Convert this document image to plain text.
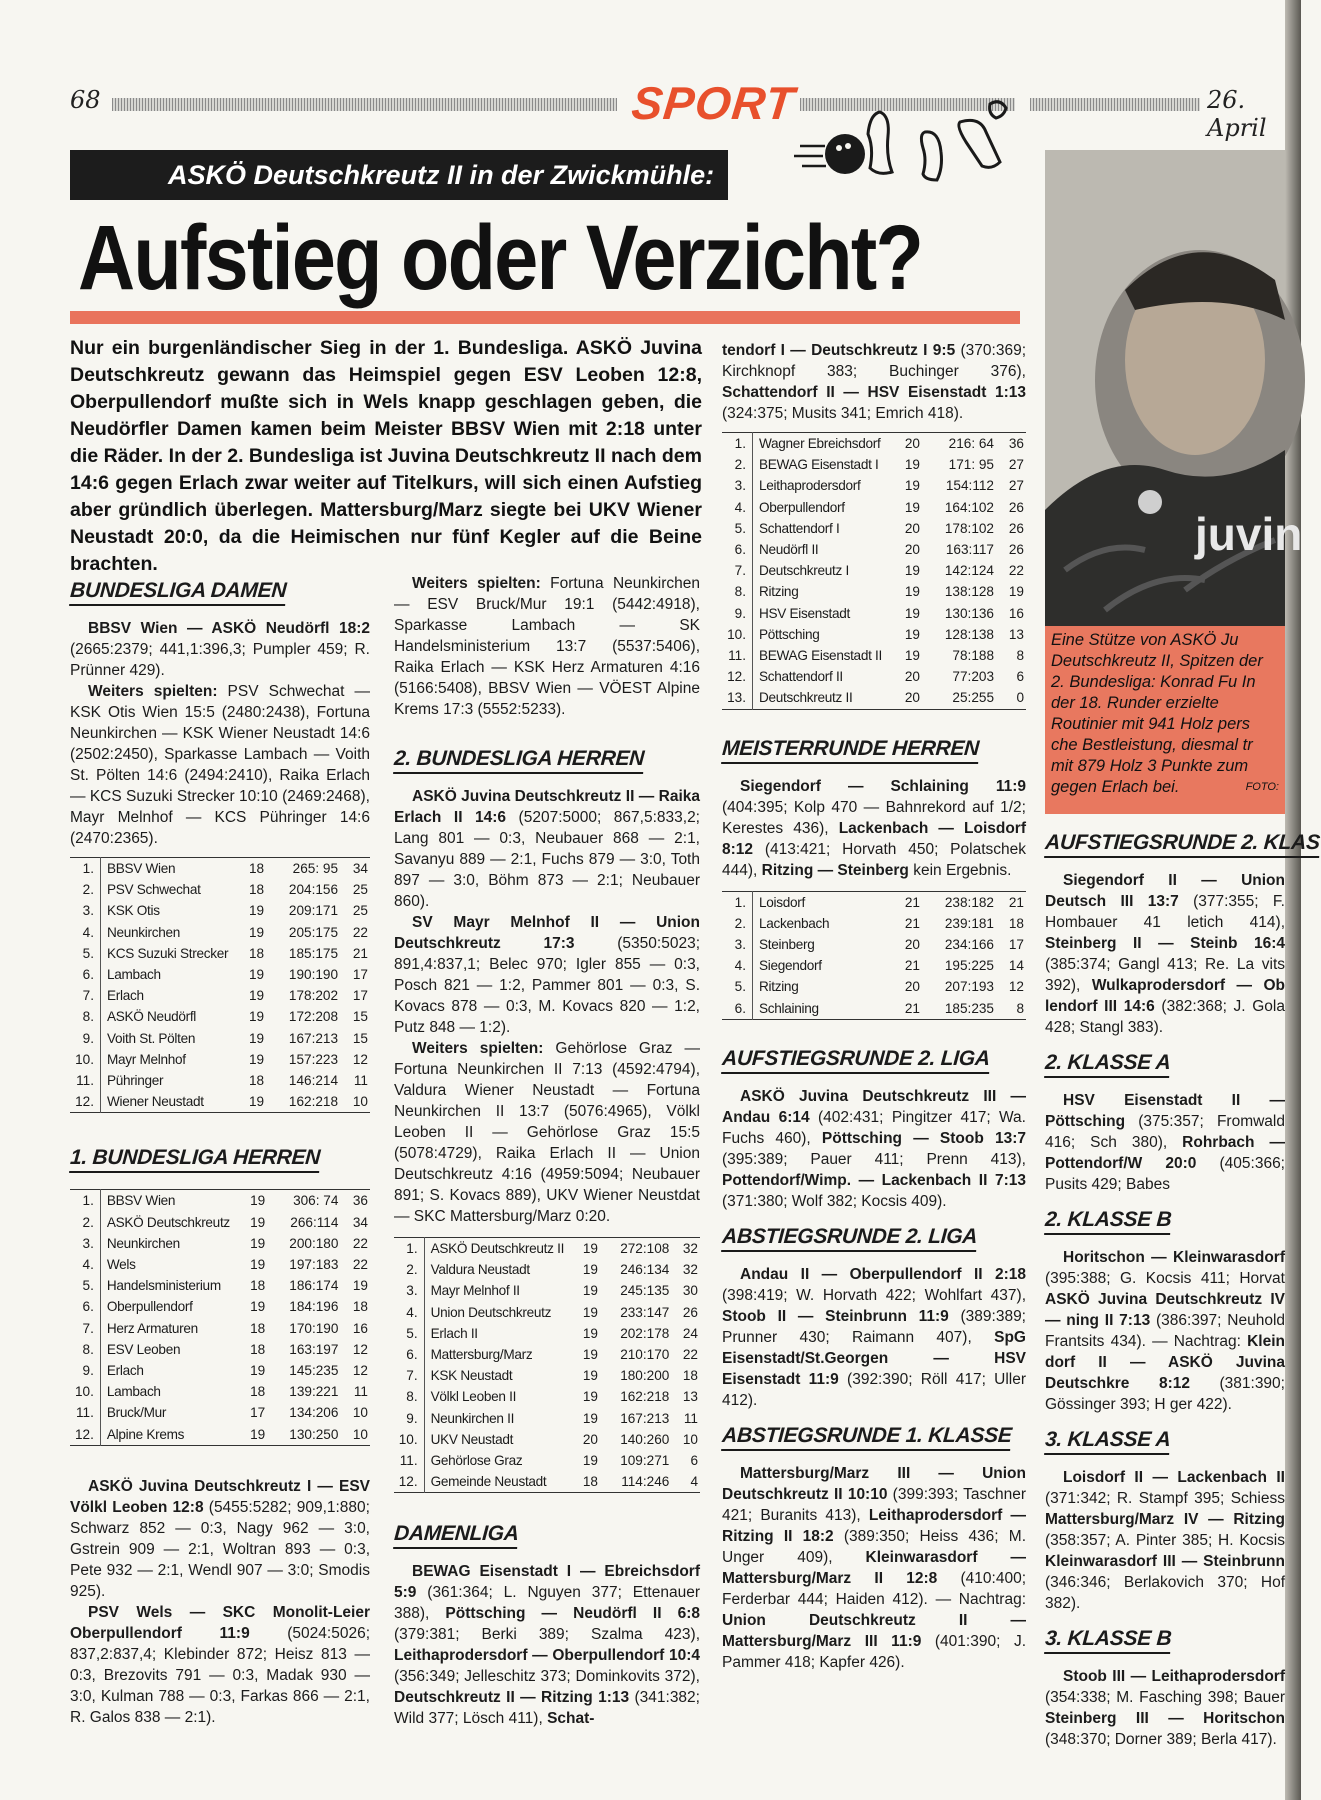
68	SPORT	26. April
ASKÖ Deutschkreutz II in der Zwickmühle:
Aufstieg oder Verzicht?
juvin
Eine Stütze von ASKÖ Ju Deutschkreutz II, Spitzen der 2. Bundesliga: Konrad Fu In der 18. Runder erzielte Routinier mit 941 Holz pers che Bestleistung, diesmal tr mit 879 Holz 3 Punkte zum gegen Erlach bei.	FOTO:
Nur ein burgenländischer Sieg in der 1. Bundesliga. ASKÖ Juvina Deutschkreutz gewann das Heimspiel gegen ESV Leoben 12:8, Oberpullendorf mußte sich in Wels knapp geschlagen geben, die Neudörfler Damen kamen beim Meister BBSV Wien mit 2:18 unter die Räder. In der 2. Bundesliga ist Juvina Deutschkreutz II nach dem 14:6 gegen Erlach zwar weiter auf Titelkurs, will sich einen Aufstieg aber gründlich überlegen. Mattersburg/Marz siegte bei UKV Wiener Neustadt 20:0, da die Heimischen nur fünf Kegler auf die Beine brachten.
BUNDESLIGA DAMEN

BBSV Wien — ASKÖ Neudörfl 18:2 (2665:2379; 441,1:396,3; Pumpler 459; R. Prünner 429).

Weiters spielten: PSV Schwechat — KSK Otis Wien 15:5 (2480:2438), Fortuna Neunkirchen — KSK Wiener Neustadt 14:6 (2502:2450), Sparkasse Lambach — Voith St. Pölten 14:6 (2494:2410), Raika Erlach — KCS Suzuki Strecker 10:10 (2469:2468), Mayr Melnhof — KCS Pühringer 14:6 (2470:2365).

1.	BBSV Wien	18	265: 95	34
2.	PSV Schwechat	18	204:156	25
3.	KSK Otis	19	209:171	25
4.	Neunkirchen	19	205:175	22
5.	KCS Suzuki Strecker	18	185:175	21
6.	Lambach	19	190:190	17
7.	Erlach	19	178:202	17
8.	ASKÖ Neudörfl	19	172:208	15
9.	Voith St. Pölten	19	167:213	15
10.	Mayr Melnhof	19	157:223	12
11.	Pühringer	18	146:214	11
12.	Wiener Neustadt	19	162:218	10
1. BUNDESLIGA HERREN
1.	BBSV Wien	19	306: 74	36
2.	ASKÖ Deutschkreutz	19	266:114	34
3.	Neunkirchen	19	200:180	22
4.	Wels	19	197:183	22
5.	Handelsministerium	18	186:174	19
6.	Oberpullendorf	19	184:196	18
7.	Herz Armaturen	18	170:190	16
8.	ESV Leoben	18	163:197	12
9.	Erlach	19	145:235	12
10.	Lambach	18	139:221	11
11.	Bruck/Mur	17	134:206	10
12.	Alpine Krems	19	130:250	10

ASKÖ Juvina Deutschkreutz I — ESV Völkl Leoben 12:8 (5455:5282; 909,1:880; Schwarz 852 — 0:3, Nagy 962 — 3:0, Gstrein 909 — 2:1, Woltran 893 — 0:3, Pete 932 — 2:1, Wendl 907 — 3:0; Smodis 925).

PSV Wels — SKC Monolit-Leier Oberpullendorf 11:9 (5024:5026; 837,2:837,4; Klebinder 872; Heisz 813 — 0:3, Brezovits 791 — 0:3, Madak 930 — 3:0, Kulman 788 — 0:3, Farkas 866 — 2:1, R. Galos 838 — 2:1).

Weiters spielten: Fortuna Neunkirchen — ESV Bruck/Mur 19:1 (5442:4918), Sparkasse Lambach — SK Handelsministerium 13:7 (5537:5406), Raika Erlach — KSK Herz Armaturen 4:16 (5166:5408), BBSV Wien — VÖEST Alpine Krems 17:3 (5552:5233).

2. BUNDESLIGA HERREN

ASKÖ Juvina Deutschkreutz II — Raika Erlach II 14:6 (5207:5000; 867,5:833,2; Lang 801 — 0:3, Neubauer 868 — 2:1, Savanyu 889 — 2:1, Fuchs 879 — 3:0, Toth 897 — 3:0, Böhm 873 — 2:1; Neubauer 860).

SV Mayr Melnhof II — Union Deutschkreutz 17:3 (5350:5023; 891,4:837,1; Belec 970; Igler 855 — 0:3, Posch 821 — 1:2, Pammer 801 — 0:3, S. Kovacs 878 — 0:3, M. Kovacs 820 — 1:2, Putz 848 — 1:2).

Weiters spielten: Gehörlose Graz — Fortuna Neunkirchen II 7:13 (4592:4794), Valdura Wiener Neustadt — Fortuna Neunkirchen II 13:7 (5076:4965), Völkl Leoben II — Gehörlose Graz 15:5 (5078:4729), Raika Erlach II — Union Deutschkreutz 4:16 (4959:5094; Neubauer 891; S. Kovacs 889), UKV Wiener Neustdat — SKC Mattersburg/Marz 0:20.

1.	ASKÖ Deutschkreutz II	19	272:108	32
2.	Valdura Neustadt	19	246:134	32
3.	Mayr Melnhof II	19	245:135	30
4.	Union Deutschkreutz	19	233:147	26
5.	Erlach II	19	202:178	24
6.	Mattersburg/Marz	19	210:170	22
7.	KSK Neustadt	19	180:200	18
8.	Völkl Leoben II	19	162:218	13
9.	Neunkirchen II	19	167:213	11
10.	UKV Neustadt	20	140:260	10
11.	Gehörlose Graz	19	109:271	6
12.	Gemeinde Neustadt	18	114:246	4
DAMENLIGA

BEWAG Eisenstadt I — Ebreichsdorf 5:9 (361:364; L. Nguyen 377; Ettenauer 388), Pöttsching — Neudörfl II 6:8 (379:381; Berki 389; Szalma 423), Leithaprodersdorf — Oberpullendorf 10:4 (356:349; Jelleschitz 373; Dominkovits 372), Deutschkreutz II — Ritzing 1:13 (341:382; Wild 377; Lösch 411), Schat-

tendorf I — Deutschkreutz I 9:5 (370:369; Kirchknopf 383; Buchinger 376), Schattendorf II — HSV Eisenstadt 1:13 (324:375; Musits 341; Emrich 418).

1.	Wagner Ebreichsdorf	20	216: 64	36
2.	BEWAG Eisenstadt I	19	171: 95	27
3.	Leithaprodersdorf	19	154:112	27
4.	Oberpullendorf	19	164:102	26
5.	Schattendorf I	20	178:102	26
6.	Neudörfl II	20	163:117	26
7.	Deutschkreutz I	19	142:124	22
8.	Ritzing	19	138:128	19
9.	HSV Eisenstadt	19	130:136	16
10.	Pöttsching	19	128:138	13
11.	BEWAG Eisenstadt II	19	78:188	8
12.	Schattendorf II	20	77:203	6
13.	Deutschkreutz II	20	25:255	0
MEISTERRUNDE HERREN

Siegendorf — Schlaining 11:9 (404:395; Kolp 470 — Bahnrekord auf 1/2; Kerestes 436), Lackenbach — Loisdorf 8:12 (413:421; Horvath 450; Polatschek 444), Ritzing — Steinberg kein Ergebnis.

1.	Loisdorf	21	238:182	21
2.	Lackenbach	21	239:181	18
3.	Steinberg	20	234:166	17
4.	Siegendorf	21	195:225	14
5.	Ritzing	20	207:193	12
6.	Schlaining	21	185:235	8
AUFSTIEGSRUNDE 2. LIGA

ASKÖ Juvina Deutschkreutz III — Andau 6:14 (402:431; Pingitzer 417; Wa. Fuchs 460), Pöttsching — Stoob 13:7 (395:389; Pauer 411; Prenn 413), Pottendorf/Wimp. — Lackenbach II 7:13 (371:380; Wolf 382; Kocsis 409).

ABSTIEGSRUNDE 2. LIGA

Andau II — Oberpullendorf II 2:18 (398:419; W. Horvath 422; Wohlfart 437), Stoob II — Steinbrunn 11:9 (389:389; Prunner 430; Raimann 407), SpG Eisenstadt/St.Georgen — HSV Eisenstadt 11:9 (392:390; Röll 417; Uller 412).

ABSTIEGSRUNDE 1. KLASSE

Mattersburg/Marz III — Union Deutschkreutz II 10:10 (399:393; Taschner 421; Buranits 413), Leithaprodersdorf — Ritzing II 18:2 (389:350; Heiss 436; M. Unger 409), Kleinwarasdorf — Mattersburg/Marz II 12:8 (410:400; Ferderbar 444; Haiden 412). — Nachtrag: Union Deutschkreutz II — Mattersburg/Marz III 11:9 (401:390; J. Pammer 418; Kapfer 426).

AUFSTIEGSRUNDE 2. KLAS

Siegendorf II — Union Deutsch III 13:7 (377:355; F. Hombauer 41 letich 414), Steinberg II — Steinb 16:4 (385:374; Gangl 413; Re. La vits 392), Wulkaprodersdorf — Ob lendorf III 14:6 (382:368; J. Gola 428; Stangl 383).

2. KLASSE A

HSV Eisenstadt II — Pöttsching (375:357; Fromwald 416; Sch 380), Rohrbach — Pottendorf/W 20:0 (405:366; Pusits 429; Babes

2. KLASSE B

Horitschon — Kleinwarasdorf (395:388; G. Kocsis 411; Horvat ASKÖ Juvina Deutschkreutz IV — ning II 7:13 (386:397; Neuhold Frantsits 434). — Nachtrag: Klein dorf II — ASKÖ Juvina Deutschkre 8:12 (381:390; Gössinger 393; H ger 422).

3. KLASSE A

Loisdorf II — Lackenbach II (371:342; R. Stampf 395; Schiess Mattersburg/Marz IV — Ritzing (358:357; A. Pinter 385; H. Kocsis Kleinwarasdorf III — Steinbrunn (346:346; Berlakovich 370; Hof 382).

3. KLASSE B

Stoob III — Leithaprodersdorf (354:338; M. Fasching 398; Bauer Steinberg III — Horitschon (348:370; Dorner 389; Berla 417).
